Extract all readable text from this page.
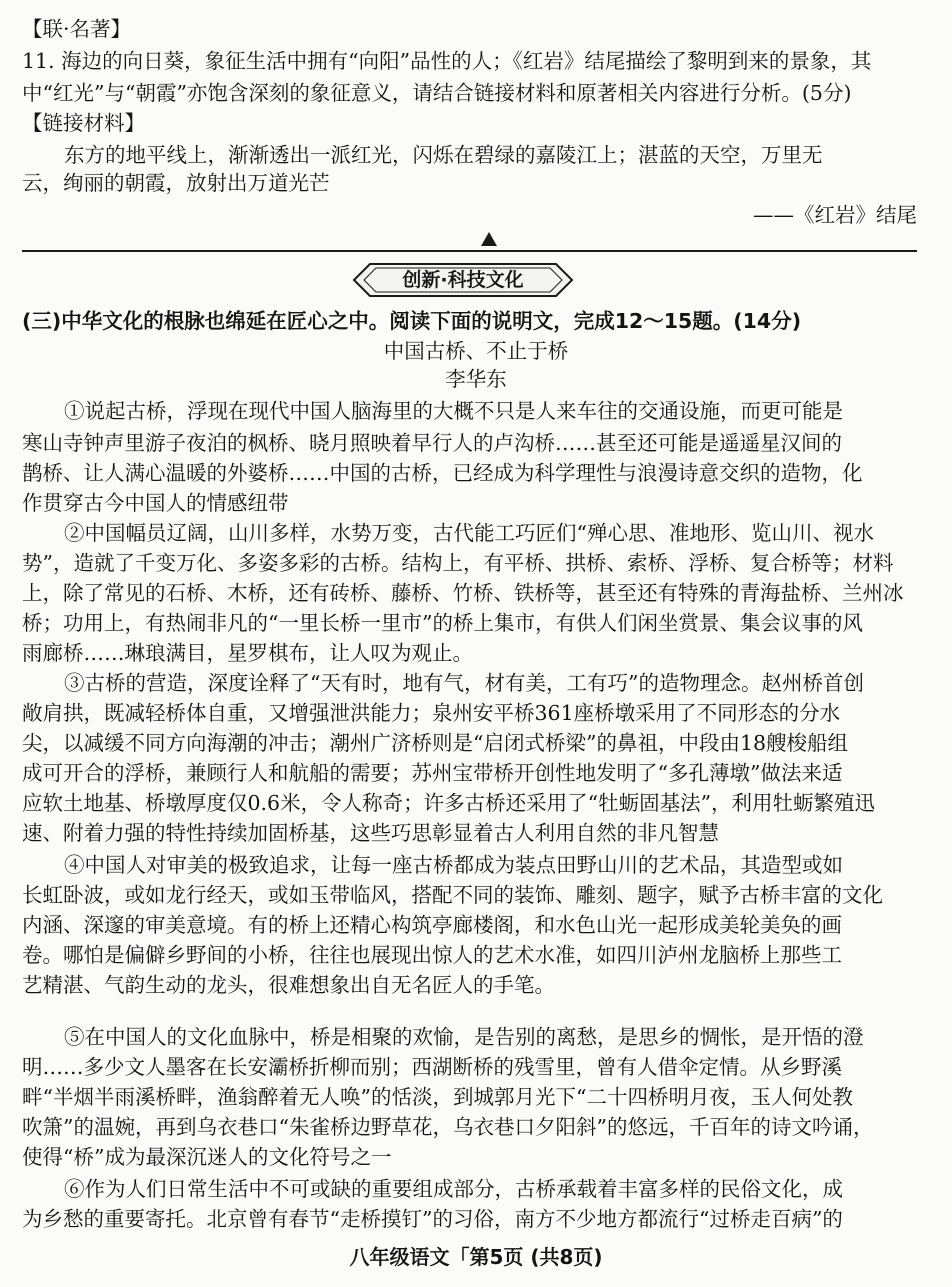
【联·名著】
11. 海边的向日葵，象征生活中拥有“向阳”品性的人；《红岩》结尾描绘了黎明到来的景象，其
中“红光”与“朝霞”亦饱含深刻的象征意义，请结合链接材料和原著相关内容进行分析。(5分)
【链接材料】
东方的地平线上，渐渐透出一派红光，闪烁在碧绿的嘉陵江上；湛蓝的天空，万里无
云，绚丽的朝霞，放射出万道光芒
——《红岩》结尾
创新·科技文化
(三)中华文化的根脉也绵延在匠心之中。阅读下面的说明文，完成12～15题。(14分)
中国古桥、不止于桥
李华东
①说起古桥，浮现在现代中国人脑海里的大概不只是人来车往的交通设施，而更可能是
寒山寺钟声里游子夜泊的枫桥、晓月照映着早行人的卢沟桥……甚至还可能是遥遥星汉间的
鹊桥、让人满心温暖的外婆桥……中国的古桥，已经成为科学理性与浪漫诗意交织的造物，化
作贯穿古今中国人的情感纽带
②中国幅员辽阔，山川多样，水势万变，古代能工巧匠们“殚心思、准地形、览山川、视水
势”，造就了千变万化、多姿多彩的古桥。结构上，有平桥、拱桥、索桥、浮桥、复合桥等；材料
上，除了常见的石桥、木桥，还有砖桥、藤桥、竹桥、铁桥等，甚至还有特殊的青海盐桥、兰州冰
桥；功用上，有热闹非凡的“一里长桥一里市”的桥上集市，有供人们闲坐赏景、集会议事的风
雨廊桥……琳琅满目，星罗棋布，让人叹为观止。
③古桥的营造，深度诠释了“天有时，地有气，材有美，工有巧”的造物理念。赵州桥首创
敞肩拱，既减轻桥体自重，又增强泄洪能力；泉州安平桥361座桥墩采用了不同形态的分水
尖，以减缓不同方向海潮的冲击；潮州广济桥则是“启闭式桥梁”的鼻祖，中段由18艘梭船组
成可开合的浮桥，兼顾行人和航船的需要；苏州宝带桥开创性地发明了“多孔薄墩”做法来适
应软土地基、桥墩厚度仅0.6米，令人称奇；许多古桥还采用了“牡蛎固基法”，利用牡蛎繁殖迅
速、附着力强的特性持续加固桥基，这些巧思彰显着古人利用自然的非凡智慧
④中国人对审美的极致追求，让每一座古桥都成为装点田野山川的艺术品，其造型或如
长虹卧波，或如龙行经天，或如玉带临风，搭配不同的装饰、雕刻、题字，赋予古桥丰富的文化
内涵、深邃的审美意境。有的桥上还精心构筑亭廊楼阁，和水色山光一起形成美轮美奂的画
卷。哪怕是偏僻乡野间的小桥，往往也展现出惊人的艺术水准，如四川泸州龙脑桥上那些工
艺精湛、气韵生动的龙头，很难想象出自无名匠人的手笔。
⑤在中国人的文化血脉中，桥是相聚的欢愉，是告别的离愁，是思乡的惆怅，是开悟的澄
明……多少文人墨客在长安灞桥折柳而别；西湖断桥的残雪里，曾有人借伞定情。从乡野溪
畔“半烟半雨溪桥畔，渔翁醉着无人唤”的恬淡，到城郭月光下“二十四桥明月夜，玉人何处教
吹箫”的温婉，再到乌衣巷口“朱雀桥边野草花，乌衣巷口夕阳斜”的悠远，千百年的诗文吟诵，
使得“桥”成为最深沉迷人的文化符号之一
⑥作为人们日常生活中不可或缺的重要组成部分，古桥承载着丰富多样的民俗文化，成
为乡愁的重要寄托。北京曾有春节“走桥摸钉”的习俗，南方不少地方都流行“过桥走百病”的
八年级语文「第5页 (共8页)
